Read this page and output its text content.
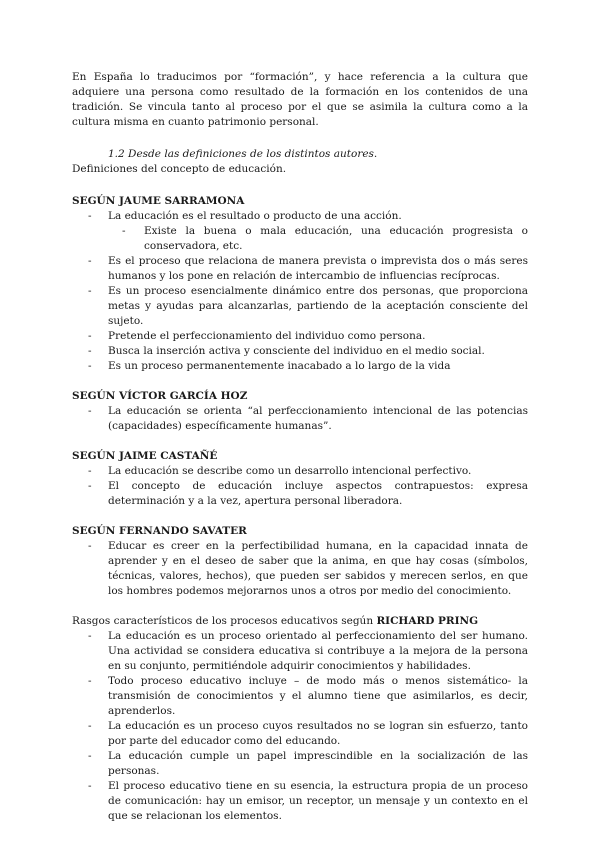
En España lo traducimos por “formación”, y hace referencia a la cultura que adquiere una persona como resultado de la formación en los contenidos de una tradición. Se vincula tanto al proceso por el que se asimila la cultura como a la cultura misma en cuanto patrimonio personal.

1.2 Desde las definiciones de los distintos autores.

Definiciones del concepto de educación.

SEGÚN JAUME SARRAMONA

- La educación es el resultado o producto de una acción.
- Existe la buena o mala educación, una educación progresista o conservadora, etc.
- Es el proceso que relaciona de manera prevista o imprevista dos o más seres humanos y los pone en relación de intercambio de influencias recíprocas.
- Es un proceso esencialmente dinámico entre dos personas, que proporciona metas y ayudas para alcanzarlas, partiendo de la aceptación consciente del sujeto.
- Pretende el perfeccionamiento del individuo como persona.
- Busca la inserción activa y consciente del individuo en el medio social.
- Es un proceso permanentemente inacabado a lo largo de la vida

SEGÚN VÍCTOR GARCÍA HOZ

- La educación se orienta “al perfeccionamiento intencional de las potencias (capacidades) específicamente humanas”.

SEGÚN JAIME CASTAÑÉ

- La educación se describe como un desarrollo intencional perfectivo.
- El concepto de educación incluye aspectos contrapuestos: expresa determinación y a la vez, apertura personal liberadora.

SEGÚN FERNANDO SAVATER

- Educar es creer en la perfectibilidad humana, en la capacidad innata de aprender y en el deseo de saber que la anima, en que hay cosas (símbolos, técnicas, valores, hechos), que pueden ser sabidos y merecen serlos, en que los hombres podemos mejorarnos unos a otros por medio del conocimiento.

Rasgos característicos de los procesos educativos según RICHARD PRING

- La educación es un proceso orientado al perfeccionamiento del ser humano. Una actividad se considera educativa si contribuye a la mejora de la persona en su conjunto, permitiéndole adquirir conocimientos y habilidades.
- Todo proceso educativo incluye – de modo más o menos sistemático- la transmisión de conocimientos y el alumno tiene que asimilarlos, es decir, aprenderlos.
- La educación es un proceso cuyos resultados no se logran sin esfuerzo, tanto por parte del educador como del educando.
- La educación cumple un papel imprescindible en la socialización de las personas.
- El proceso educativo tiene en su esencia, la estructura propia de un proceso de comunicación: hay un emisor, un receptor, un mensaje y un contexto en el que se relacionan los elementos.
